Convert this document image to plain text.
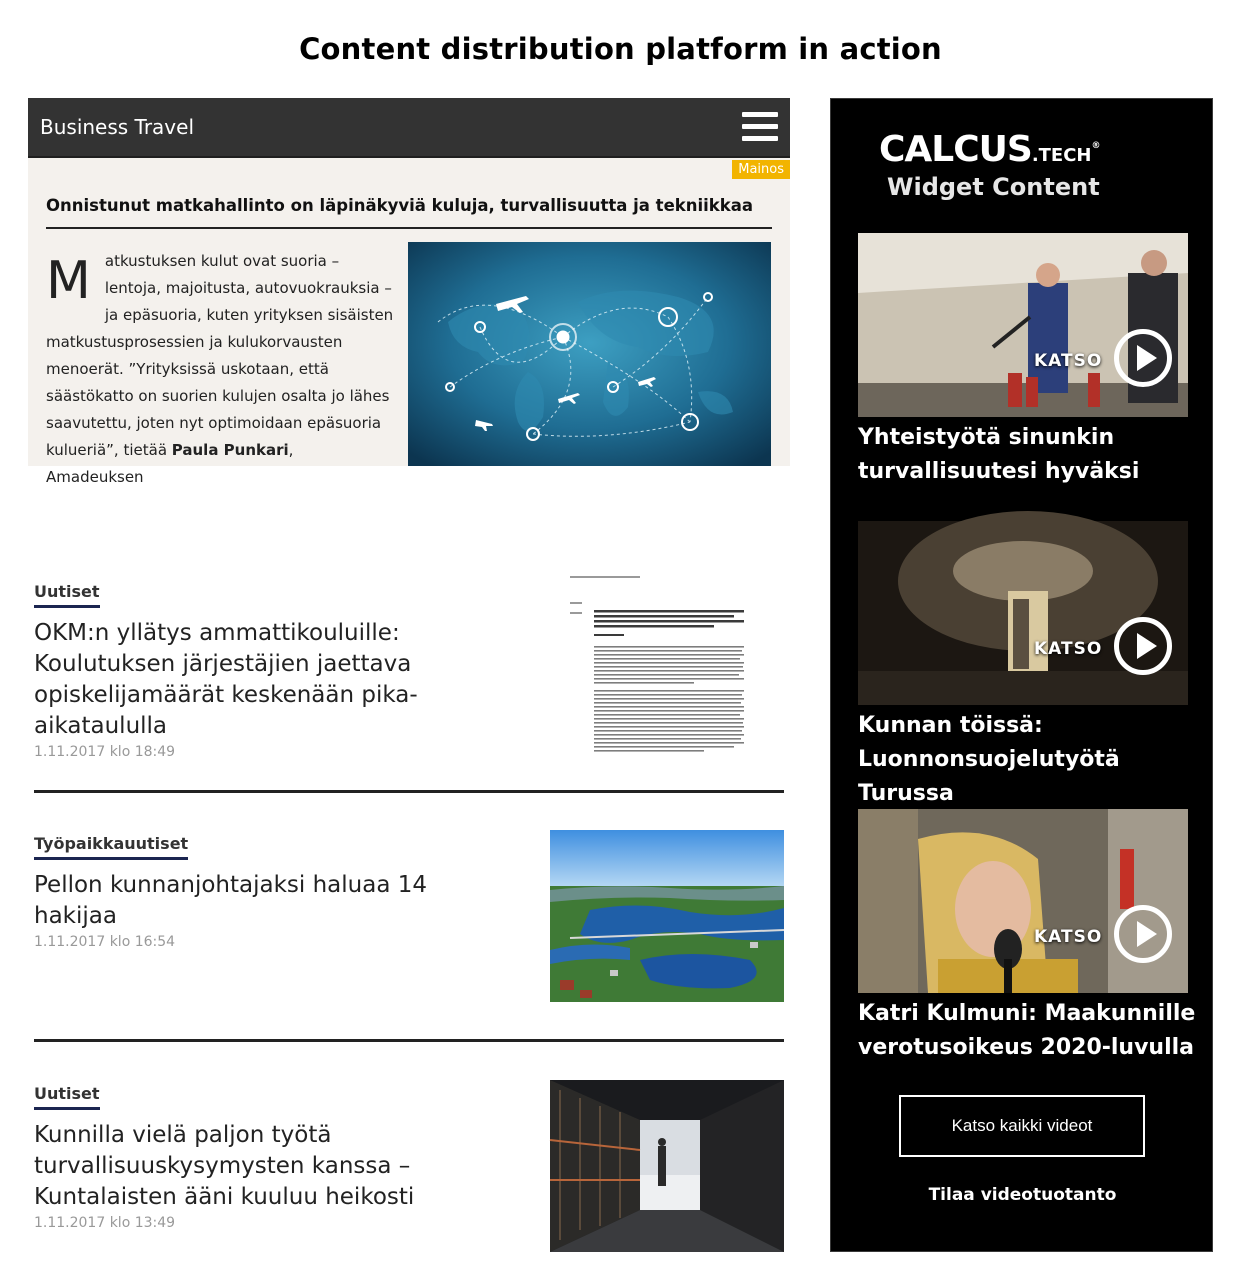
Content distribution platform in action
Business Travel
Mainos
Onnistunut matkahallinto on läpinäkyviä kuluja, turvallisuutta ja tekniikkaa
Matkustuksen kulut ovat suoria – lentoja, majoitusta, autovuokrauksia – ja epäsuoria, kuten yrityksen sisäisten matkustusprosessien ja kulukorvausten menoerät. ”Yrityksissä uskotaan, että säästökatto on suorien kulujen osalta jo lähes saavutettu, joten nyt optimoidaan epäsuoria kulueriä”, tietää Paula Punkari, Amadeuksen
Uutiset
OKM:n yllätys ammattikouluille: Koulutuksen järjestäjien jaettava opiskelijamäärät keskenään pika-aikataululla
1.11.2017 klo 18:49
Työpaikkauutiset
Pellon kunnanjohtajaksi haluaa 14 hakijaa
1.11.2017 klo 16:54
Uutiset
Kunnilla vielä paljon työtä turvallisuuskysymysten kanssa – Kuntalaisten ääni kuuluu heikosti
1.11.2017 klo 13:49
CALCUS.TECH®
Widget Content
KATSO
Yhteistyötä sinunkin turvallisuutesi hyväksi
KATSO
Kunnan töissä: Luonnonsuojelutyötä Turussa
KATSO
Katri Kulmuni: Maakunnille verotusoikeus 2020-luvulla
Katso kaikki videot
Tilaa videotuotanto
